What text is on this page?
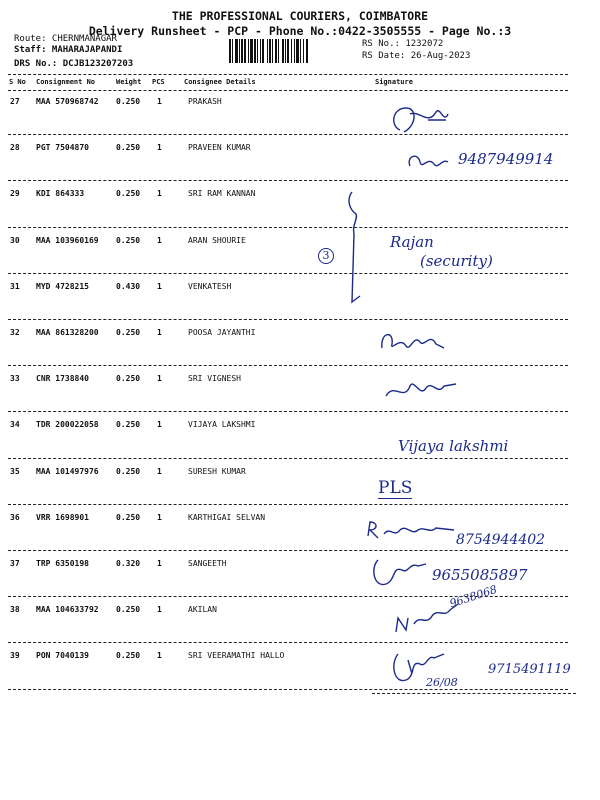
THE PROFESSIONAL COURIERS, COIMBATORE
Delivery Runsheet - PCP - Phone No.:0422-3505555 - Page No.:3
Route: CHERNMANAGAR
Staff: MAHARAJAPANDI
DRS No.: DCJB123207203
RS No.: 1232072
RS Date: 26-Aug-2023
S No Consignment No	Weight PCS	Consignee Details	Signature
27 MAA 570968742 0.250 1	PRAKASH
28 PGT 7504870	0.250 1	PRAVEEN KUMAR
29 KDI 864333	0.250 1	SRI RAM KANNAN
30 MAA 103960169 0.250 1	ARAN SHOURIE
31 MYD 4728215	0.430 1	VENKATESH
32 MAA 861328200 0.250 1	POOSA JAYANTHI
33 CNR 1738840	0.250 1	SRI VIGNESH
34 TDR 200022058 0.250 1	VIJAYA LAKSHMI
35 MAA 101497976 0.250 1	SURESH KUMAR
36 VRR 1698901	0.250 1	KARTHIGAI SELVAN
37 TRP 6350198	0.320 1	SANGEETH
38 MAA 104633792 0.250 1	AKILAN
39 PON 7040139	0.250 1	SRI VEERAMATHI HALLO
9487949914
3
Rajan
(security)
Vijaya lakshmi
PLS
8754944402
9655085897
9638068
26/08
9715491119
